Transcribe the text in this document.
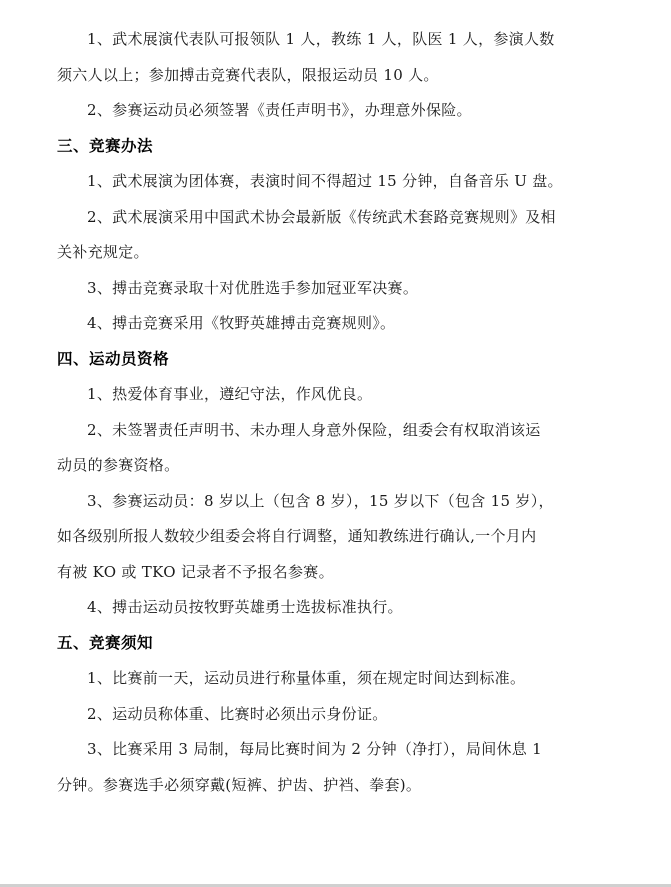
1、武术展演代表队可报领队 1 人，教练 1 人，队医 1 人，参演人数
须六人以上；参加搏击竞赛代表队，限报运动员 10 人。
2、参赛运动员必须签署《责任声明书》，办理意外保险。
三、竞赛办法
1、武术展演为团体赛，表演时间不得超过 15 分钟，自备音乐 U 盘。
2、武术展演采用中国武术协会最新版《传统武术套路竞赛规则》及相
关补充规定。
3、搏击竞赛录取十对优胜选手参加冠亚军决赛。
4、搏击竞赛采用《牧野英雄搏击竞赛规则》。
四、运动员资格
1、热爱体育事业，遵纪守法，作风优良。
2、未签署责任声明书、未办理人身意外保险，组委会有权取消该运
动员的参赛资格。
3、参赛运动员：8 岁以上（包含 8 岁），15 岁以下（包含 15 岁），
如各级别所报人数较少组委会将自行调整，通知教练进行确认,一个月内
有被 KO 或 TKO 记录者不予报名参赛。
4、搏击运动员按牧野英雄勇士选拔标准执行。
五、竞赛须知
1、比赛前一天，运动员进行称量体重，须在规定时间达到标准。
2、运动员称体重、比赛时必须出示身份证。
3、比赛采用 3 局制，每局比赛时间为 2 分钟（净打），局间休息 1
分钟。参赛选手必须穿戴(短裤、护齿、护裆、拳套)。
